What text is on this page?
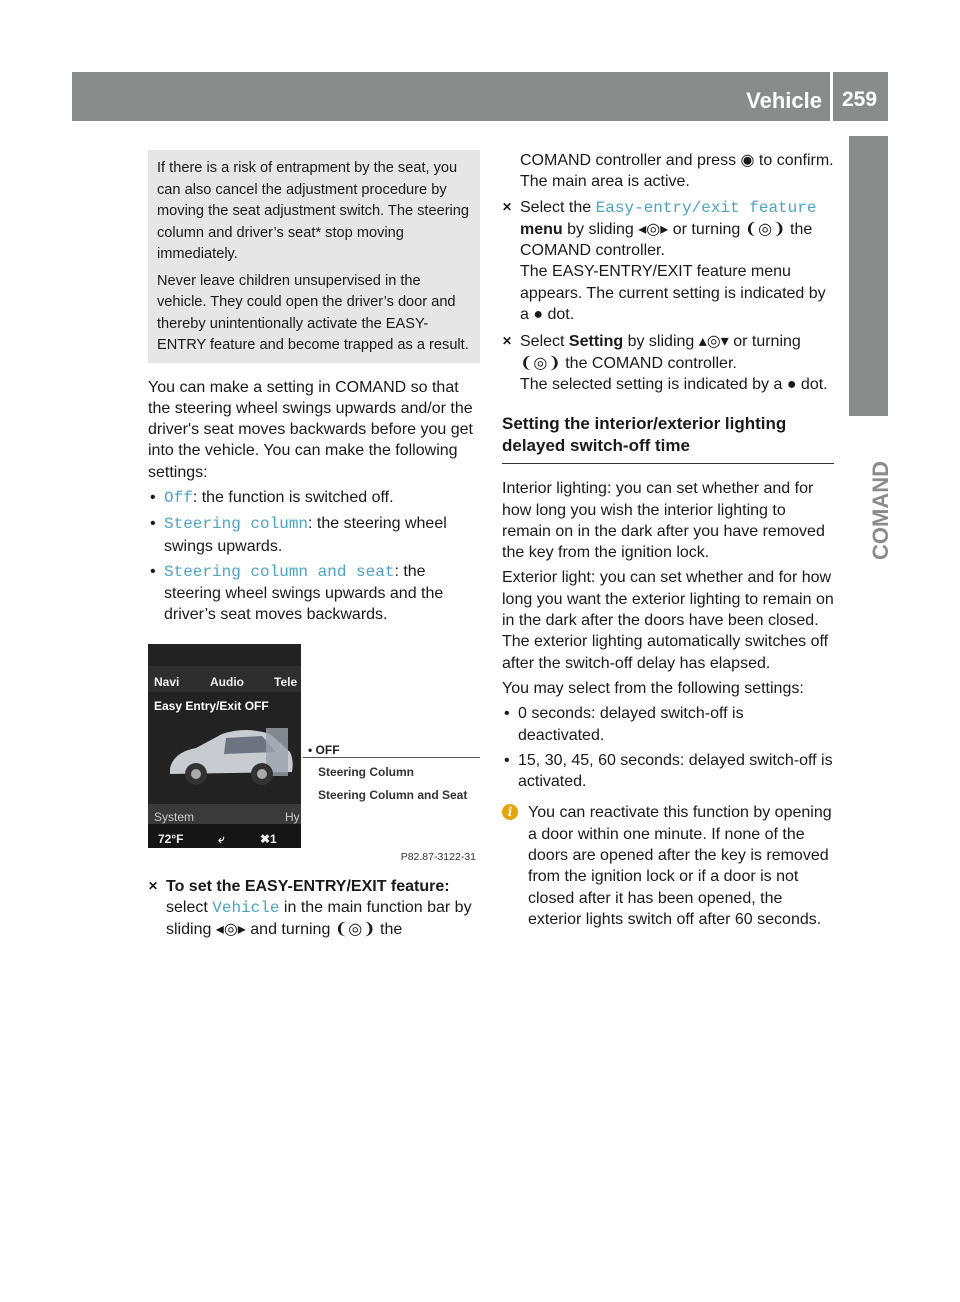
Vehicle 259
COMAND

If there is a risk of entrapment by the seat, you can also cancel the adjustment procedure by moving the seat adjustment switch. The steering column and driver’s seat* stop moving immediately.

Never leave children unsupervised in the vehicle. They could open the driver’s door and thereby unintentionally activate the EASY-ENTRY feature and become trapped as a result.

You can make a setting in COMAND so that the steering wheel swings upwards and/or the driver's seat moves backwards before you get into the vehicle. You can make the following settings:

• Off: the function is switched off.
• Steering column: the steering wheel swings upwards.
• Steering column and seat: the steering wheel swings upwards and the driver’s seat moves backwards.
Navi	Audio	Tele
Easy Entry/Exit OFF
System	Hy
72°F	⤶	✖1
• OFF
Steering Column
Steering Column and Seat
P82.87-3122-31
✕ To set the EASY-ENTRY/EXIT feature:
select Vehicle in the main function bar by sliding ◂◎▸ and turning ❨◎❩ the
COMAND controller and press ◉ to confirm.
The main area is active.
✕ Select the Easy-entry/exit feature menu by sliding ◂◎▸ or turning ❨◎❩ the COMAND controller.
The EASY-ENTRY/EXIT feature menu appears. The current setting is indicated by a ● dot.
✕ Select Setting by sliding ▴◎▾ or turning ❨◎❩ the COMAND controller.
The selected setting is indicated by a ● dot.
Setting the interior/exterior lighting delayed switch-off time

Interior lighting: you can set whether and for how long you wish the interior lighting to remain on in the dark after you have removed the key from the ignition lock.

Exterior light: you can set whether and for how long you want the exterior lighting to remain on in the dark after the doors have been closed. The exterior lighting automatically switches off after the switch-off delay has elapsed.

You may select from the following settings:

• 0 seconds: delayed switch-off is deactivated.
• 15, 30, 45, 60 seconds: delayed switch-off is activated.
i You can reactivate this function by opening a door within one minute. If none of the doors are opened after the key is removed from the ignition lock or if a door is not closed after it has been opened, the exterior lights switch off after 60 seconds.
